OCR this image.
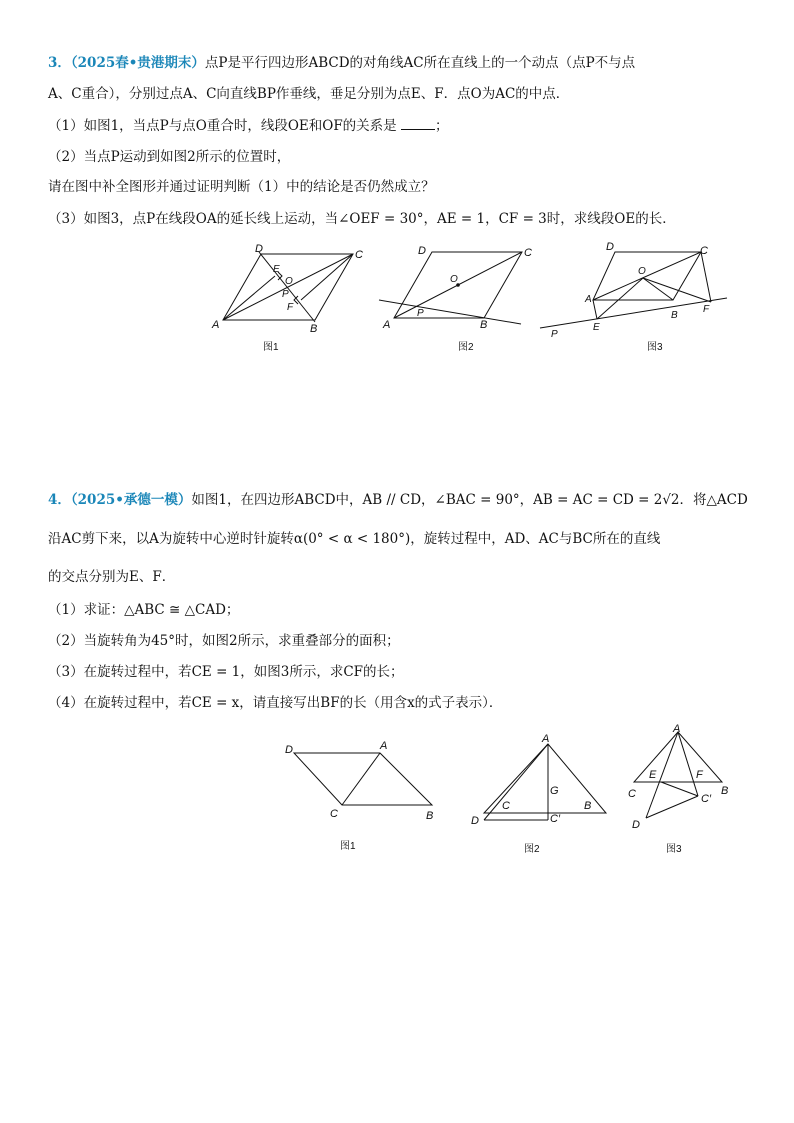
3．（2025春•贵港期末）点P是平行四边形ABCD的对角线AC所在直线上的一个动点（点P不与点
A、C重合），分别过点A、C向直线BP作垂线，垂足分别为点E、F．点O为AC的中点．
（1）如图1，当点P与点O重合时，线段OE和OF的关系是	；
（2）当点P运动到如图2所示的位置时，
请在图中补全图形并通过证明判断（1）中的结论是否仍然成立？
（3）如图3，点P在线段OA的延长线上运动，当∠OEF = 30°，AE = 1，CF = 3时，求线段OE的长．
D	C
E
O
P
F
A	B
图1
D	C
O
A
P
B
图2
D	C
O
A
B
F
E
P
图3
4．（2025•承德一模）如图1，在四边形ABCD中，AB // CD，∠BAC = 90°，AB = AC = CD = 2√2．将△ACD
沿AC剪下来，以A为旋转中心逆时针旋转α(0° < α < 180°)，旋转过程中，AD、AC与BC所在的直线
的交点分别为E、F．
（1）求证：△ABC ≅ △CAD；
（2）当旋转角为45°时，如图2所示，求重叠部分的面积；
（3）在旋转过程中，若CE = 1，如图3所示，求CF的长；
（4）在旋转过程中，若CE = x，请直接写出BF的长（用含x的式子表示）．
D	A
C	B
图1
A
C
G
B
D	C′
图2
A
E	F
C	B
C′
D
图3
